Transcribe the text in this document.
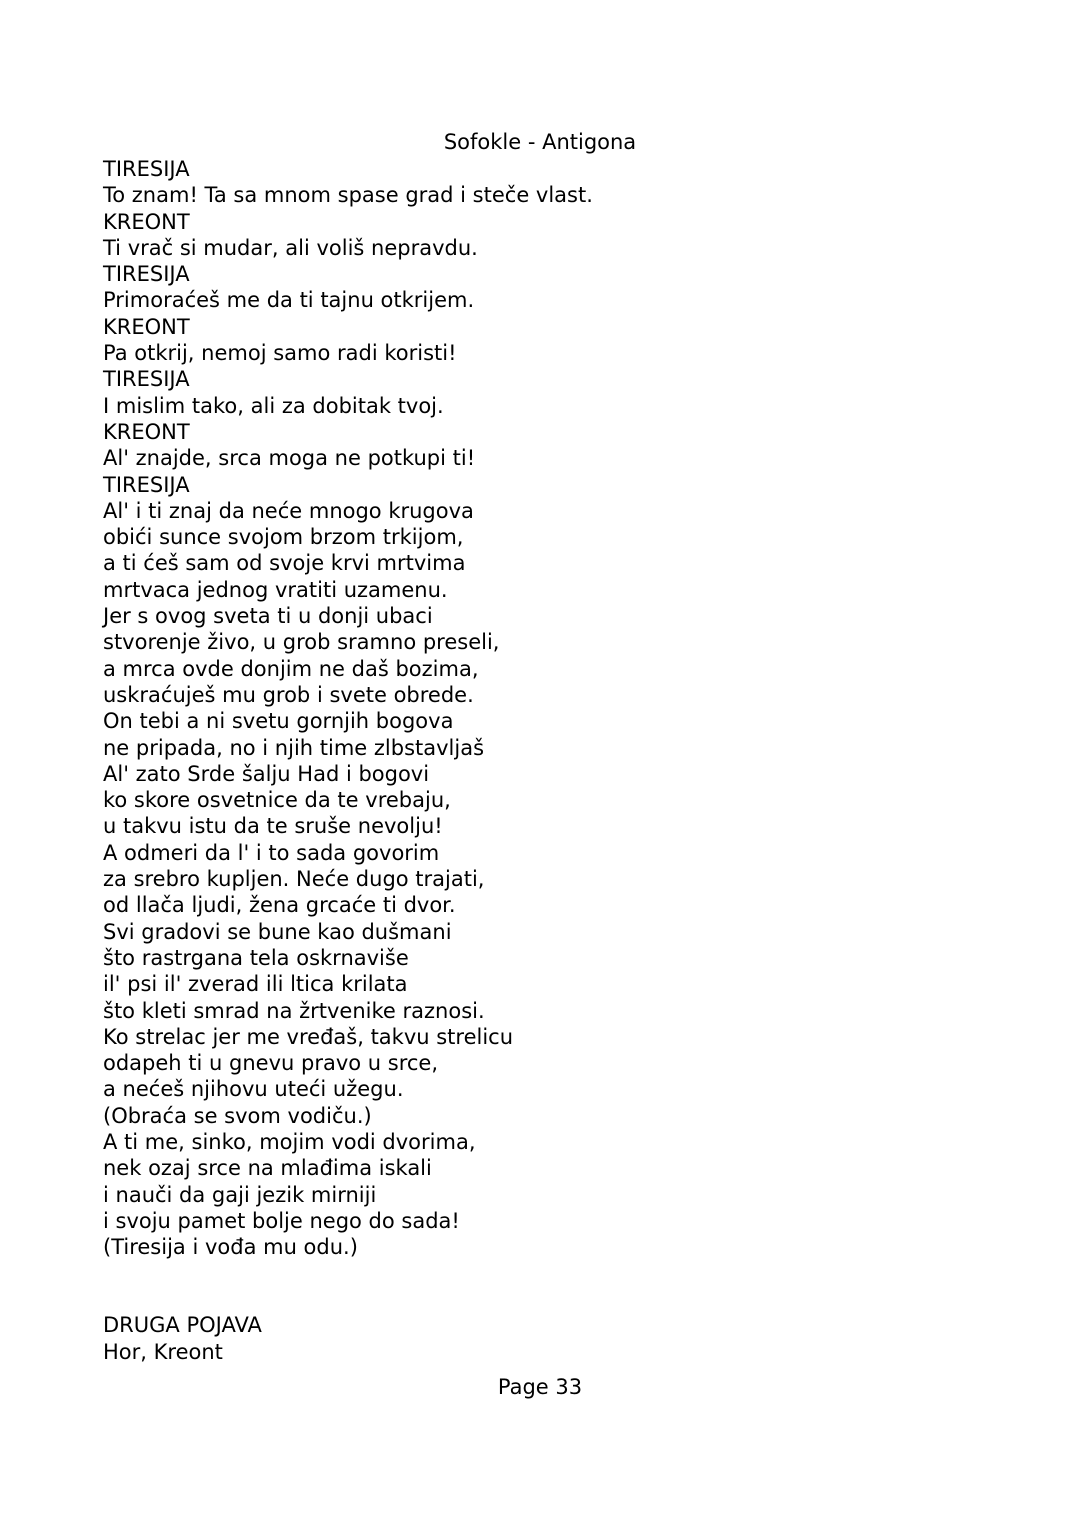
Sofokle - Antigona
TIRESIJA
To znam! Ta sa mnom spase grad i steče vlast.
KREONT
Ti vrač si mudar, ali voliš nepravdu.
TIRESIJA
Primoraćeš me da ti tajnu otkrijem.
KREONT
Pa otkrij, nemoj samo radi koristi!
TIRESIJA
I mislim tako, ali za dobitak tvoj.
KREONT
Al' znajde, srca moga ne potkupi ti!
TIRESIJA
Al' i ti znaj da neće mnogo krugova
obići sunce svojom brzom trkijom,
a ti ćeš sam od svoje krvi mrtvima
mrtvaca jednog vratiti uzamenu.
Jer s ovog sveta ti u donji ubaci
stvorenje živo, u grob sramno preseli,
a mrca ovde donjim ne daš bozima,
uskraćuješ mu grob i svete obrede.
On tebi a ni svetu gornjih bogova
ne pripada, no i njih time zlbstavljaš
Al' zato Srde šalju Had i bogovi
ko skore osvetnice da te vrebaju,
u takvu istu da te sruše nevolju!
A odmeri da l' i to sada govorim
za srebro kupljen. Neće dugo trajati,
od llača ljudi, žena grcaće ti dvor.
Svi gradovi se bune kao dušmani
što rastrgana tela oskrnaviše
il' psi il' zverad ili ltica krilata
što kleti smrad na žrtvenike raznosi.
Ko strelac jer me vređaš, takvu strelicu
odapeh ti u gnevu pravo u srce,
a nećeš njihovu uteći užegu.
(Obraća se svom vodiču.)
A ti me, sinko, mojim vodi dvorima,
nek ozaj srce na mlađima iskali
i nauči da gaji jezik mirniji
i svoju pamet bolje nego do sada!
(Tiresija i vođa mu odu.)
DRUGA POJAVA
Hor, Kreont
Page 33
